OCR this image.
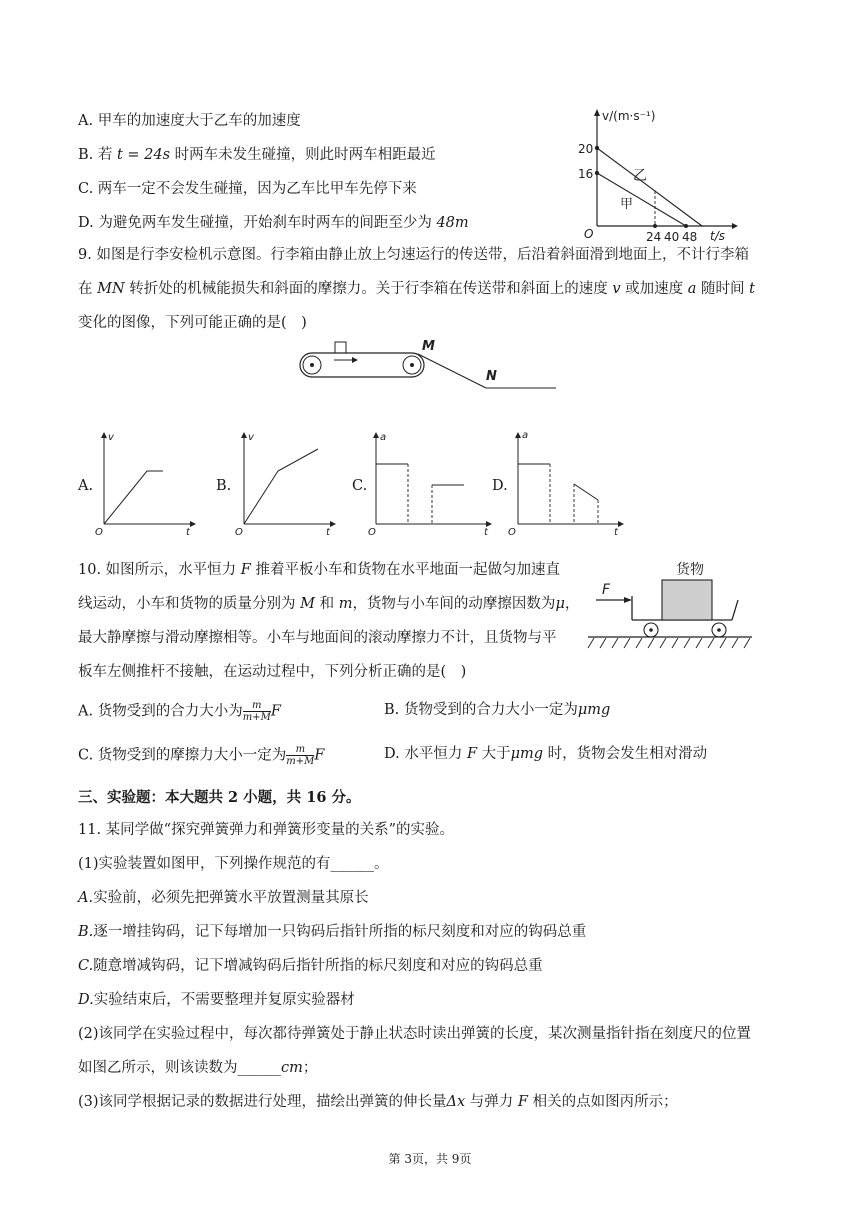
A. 甲车的加速度大于乙车的加速度
B. 若 t = 24s 时两车未发生碰撞，则此时两车相距最近
C. 两车一定不会发生碰撞，因为乙车比甲车先停下来
D. 为避免两车发生碰撞，开始刹车时两车的间距至少为 48m
v/(m·s⁻¹)
t/s
O
20
16
24 40 48
乙
甲
9. 如图是行李安检机示意图。行李箱由静止放上匀速运行的传送带，后沿着斜面滑到地面上，不计行李箱
在 MN 转折处的机械能损失和斜面的摩擦力。关于行李箱在传送带和斜面上的速度 v 或加速度 a 随时间 t
变化的图像，下列可能正确的是(　)
M
N
A.
v
t
O
B.
v
t
O
C.
a
t
O
D.
a
t
O
10. 如图所示，水平恒力 F 推着平板小车和货物在水平地面一起做匀加速直
线运动，小车和货物的质量分别为 M 和 m，货物与小车间的动摩擦因数为μ，
最大静摩擦与滑动摩擦相等。小车与地面间的滚动摩擦力不计，且货物与平
板车左侧推杆不接触，在运动过程中，下列分析正确的是(　)
货物
F
A. 货物受到的合力大小为 $\frac{m}{m+M}$ F	B. 货物受到的合力大小一定为μmg
C. 货物受到的摩擦力大小一定为 $\frac{m}{m+M}$ F	D. 水平恒力 F 大于μmg 时，货物会发生相对滑动
三、实验题：本大题共 2 小题，共 16 分。
11. 某同学做“探究弹簧弹力和弹簧形变量的关系”的实验。
(1)实验装置如图甲，下列操作规范的有______。
A.实验前，必须先把弹簧水平放置测量其原长
B.逐一增挂钩码，记下每增加一只钩码后指针所指的标尺刻度和对应的钩码总重
C.随意增减钩码，记下增减钩码后指针所指的标尺刻度和对应的钩码总重
D.实验结束后，不需要整理并复原实验器材
(2)该同学在实验过程中，每次都待弹簧处于静止状态时读出弹簧的长度，某次测量指针指在刻度尺的位置
如图乙所示，则该读数为______cm；
(3)该同学根据记录的数据进行处理，描绘出弹簧的伸长量Δx 与弹力 F 相关的点如图丙所示；
第 3页，共 9页
